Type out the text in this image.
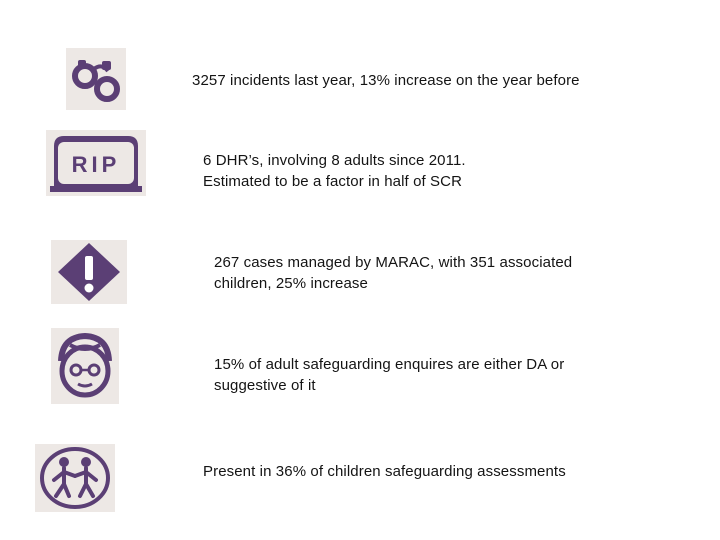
3257 incidents last year, 13% increase on the year before

RIP	6 DHR’s, involving 8 adults since 2011.
Estimated to be a factor in half of SCR

267 cases managed by MARAC, with 351 associated
children, 25% increase

15% of adult safeguarding enquires are either DA or
suggestive of it

Present in 36% of children safeguarding assessments
